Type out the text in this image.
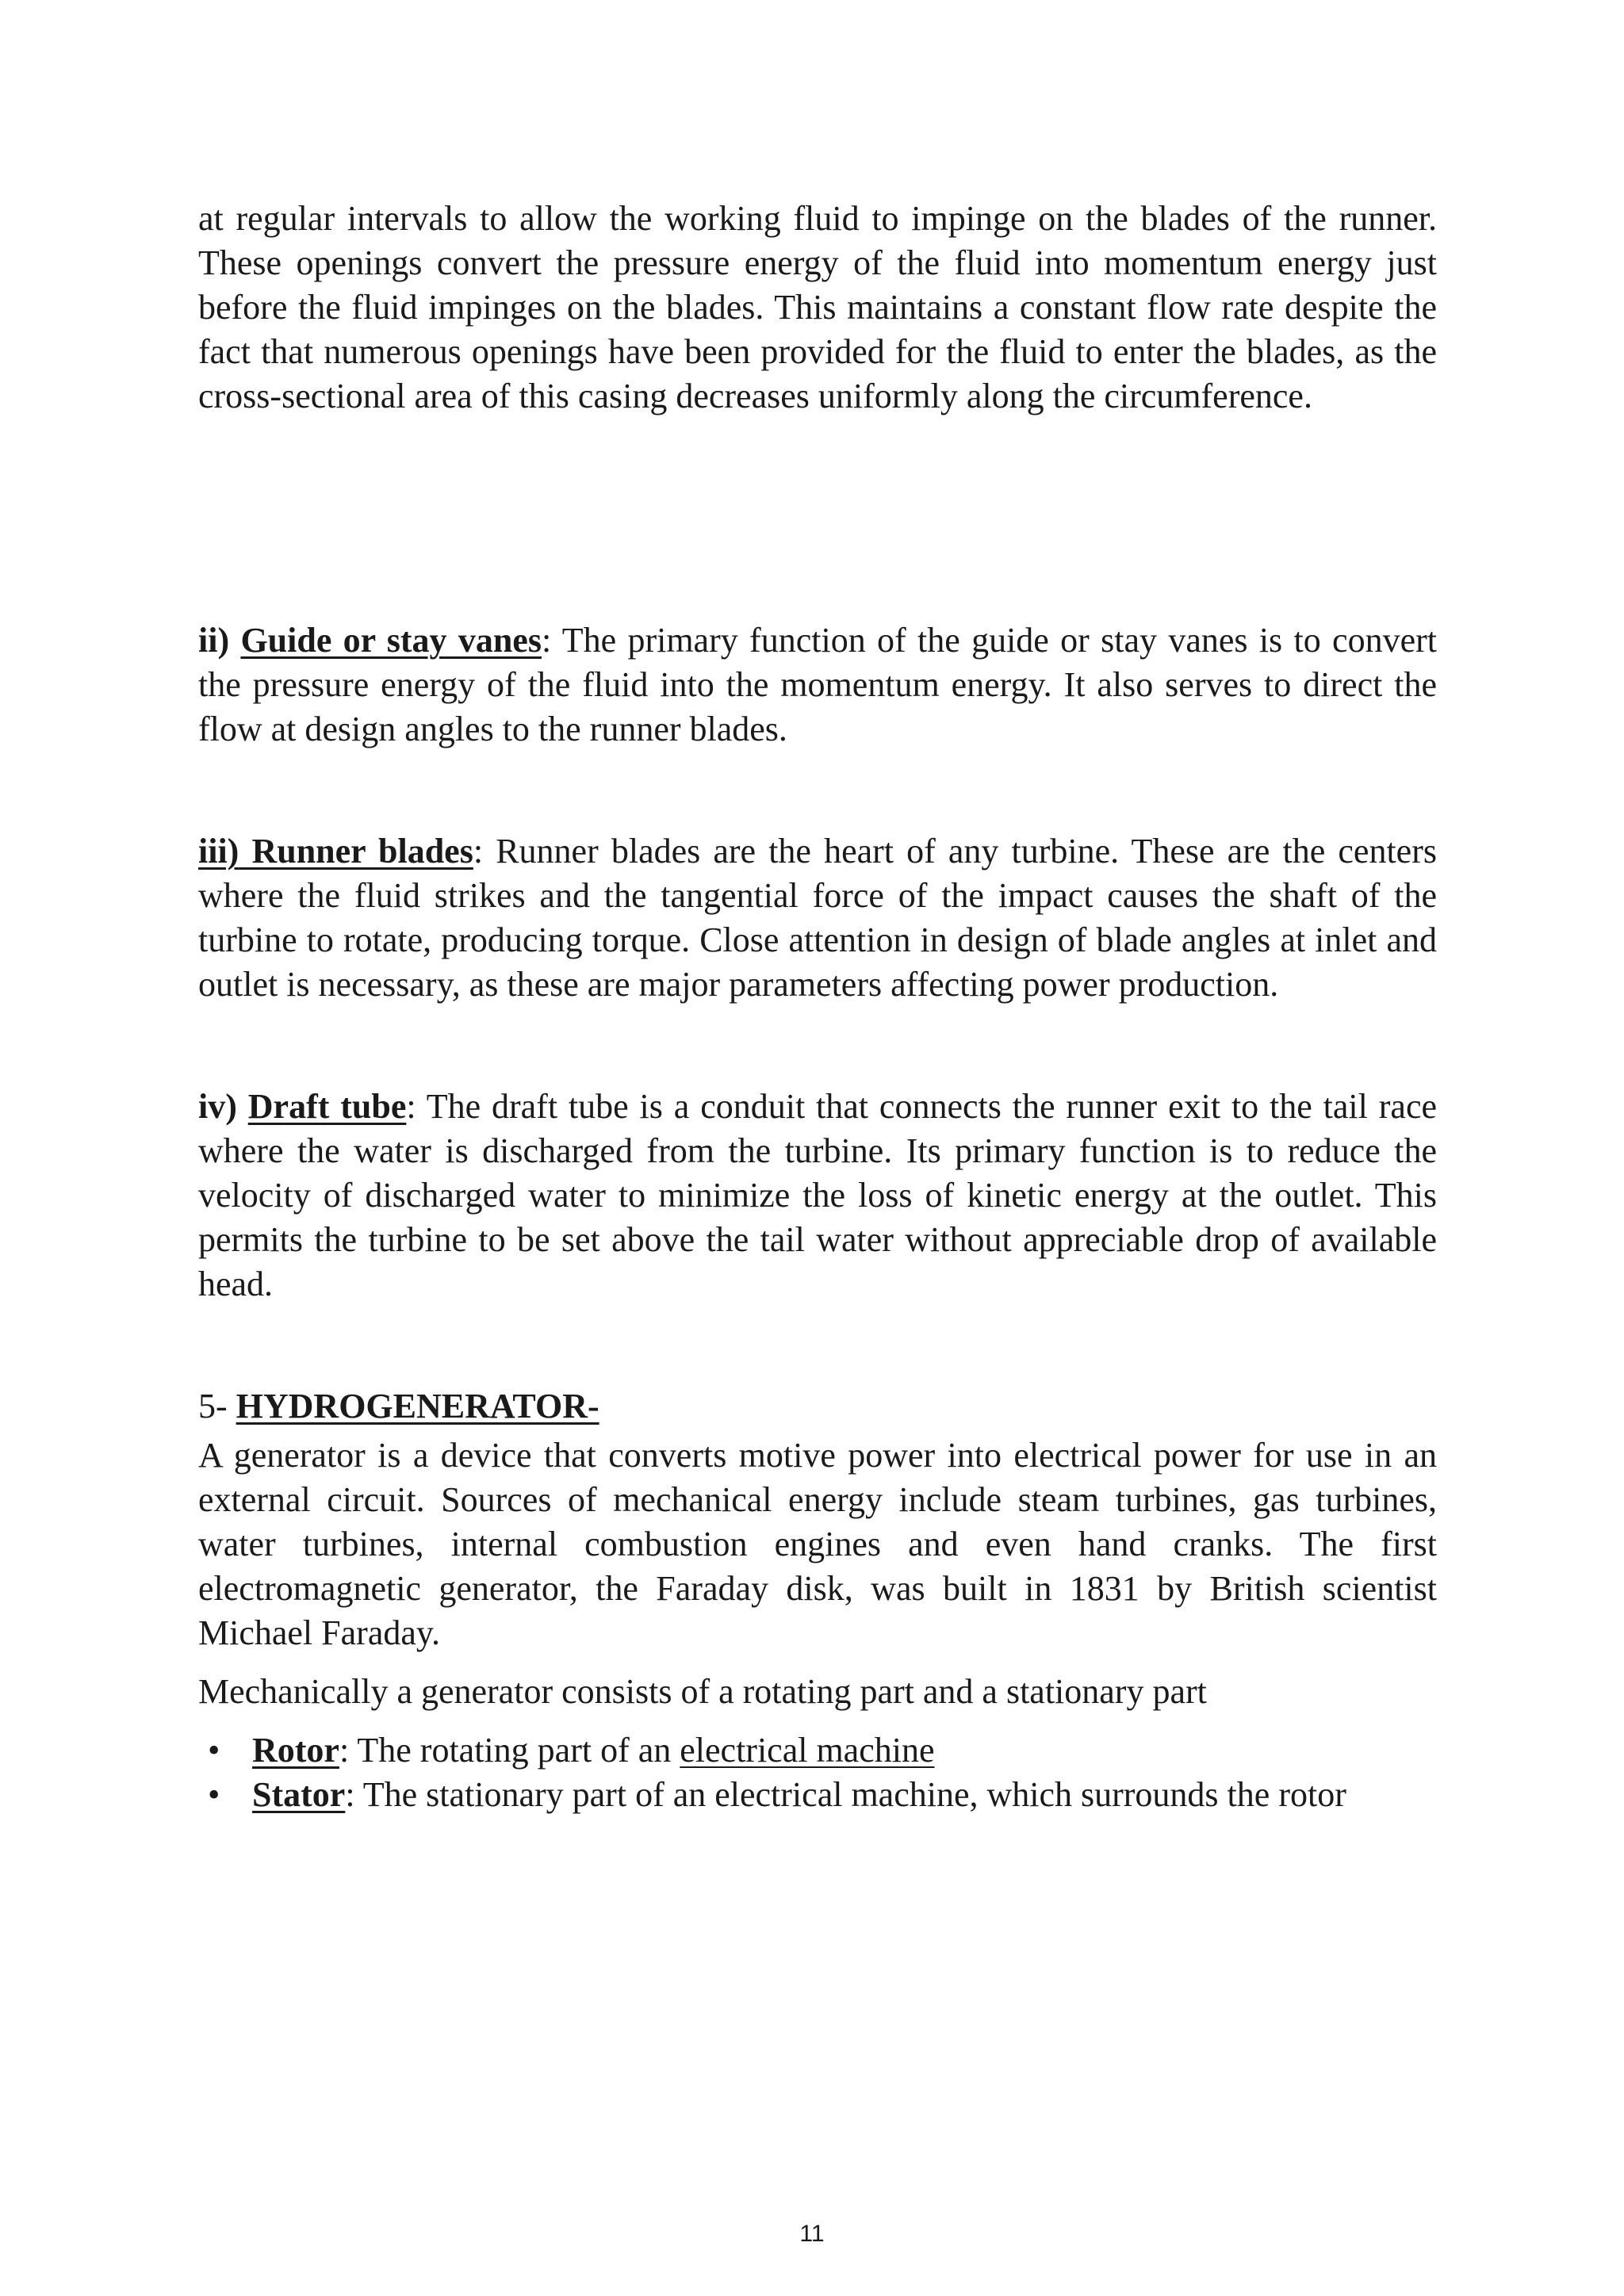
at regular intervals to allow the working fluid to impinge on the blades of the runner. These openings convert the pressure energy of the fluid into momentum energy just before the fluid impinges on the blades. This maintains a constant flow rate despite the fact that numerous openings have been provided for the fluid to enter the blades, as the cross-sectional area of this casing decreases uniformly along the circumference.

ii) Guide or stay vanes: The primary function of the guide or stay vanes is to convert the pressure energy of the fluid into the momentum energy. It also serves to direct the flow at design angles to the runner blades.

iii) Runner blades: Runner blades are the heart of any turbine. These are the centers where the fluid strikes and the tangential force of the impact causes the shaft of the turbine to rotate, producing torque. Close attention in design of blade angles at inlet and outlet is necessary, as these are major parameters affecting power production.

iv) Draft tube: The draft tube is a conduit that connects the runner exit to the tail race where the water is discharged from the turbine. Its primary function is to reduce the velocity of discharged water to minimize the loss of kinetic energy at the outlet. This permits the turbine to be set above the tail water without appreciable drop of available head.

5- HYDROGENERATOR-

A generator is a device that converts motive power into electrical power for use in an external circuit. Sources of mechanical energy include steam turbines, gas turbines, water turbines, internal combustion engines and even hand cranks. The first electromagnetic generator, the Faraday disk, was built in 1831 by British scientist Michael Faraday.

Mechanically a generator consists of a rotating part and a stationary part

• Rotor: The rotating part of an electrical machine
• Stator: The stationary part of an electrical machine, which surrounds the rotor
11
